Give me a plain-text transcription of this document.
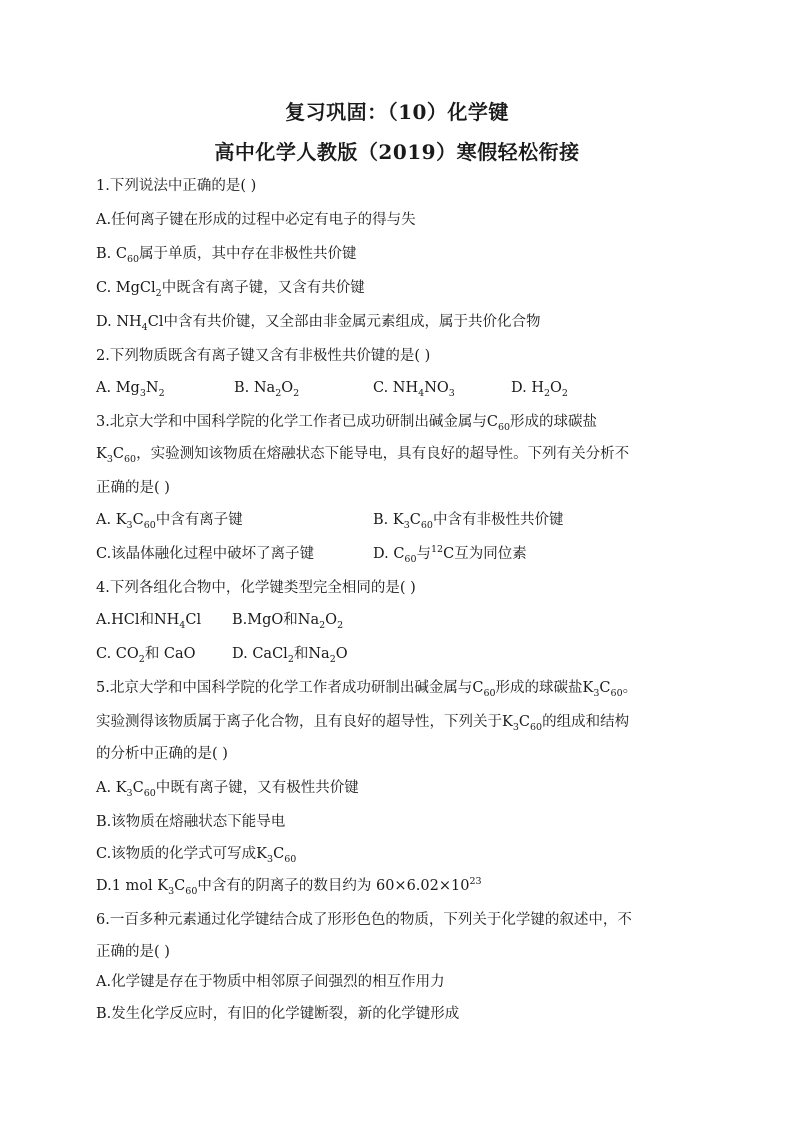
复习巩固：（10）化学键
高中化学人教版（2019）寒假轻松衔接
1.下列说法中正确的是( )
A.任何离子键在形成的过程中必定有电子的得与失
B. $C_{60}$属于单质，其中存在非极性共价键
C. MgCl$_2$中既含有离子键，又含有共价键
D. $NH_4Cl$中含有共价键，又全部由非金属元素组成，属于共价化合物
2.下列物质既含有离子键又含有非极性共价键的是( )
A. $Mg_3N_2$	B. $Na_2O_2$	C. $NH_4NO_3$	D. $H_2O_2$
3.北京大学和中国科学院的化学工作者已成功研制出碱金属与$C_{60}$形成的球碳盐
$K_3C_{60}$，实验测知该物质在熔融状态下能导电，具有良好的超导性。下列有关分析不
正确的是( )
A. $K_3C_{60}$中含有离子键	B. $K_3C_{60}$中含有非极性共价键
C.该晶体融化过程中破坏了离子键	D. $C_{60}$与$^{12}$C互为同位素
4.下列各组化合物中，化学键类型完全相同的是( )
A.HCl和$NH_4Cl$ B.MgO和$Na_2O_2$
C. $CO_2$和 CaO	D. CaCl$_2$和$Na_2O$
5.北京大学和中国科学院的化学工作者成功研制出碱金属与$C_{60}$形成的球碳盐$K_3C_{60}$。
实验测得该物质属于离子化合物，且有良好的超导性，下列关于$K_3C_{60}$的组成和结构
的分析中正确的是( )
A. $K_3C_{60}$中既有离子键，又有极性共价键
B.该物质在熔融状态下能导电
C.该物质的化学式可写成$K_3C_{60}$
D.1 mol $K_3C_{60}$中含有的阴离子的数目约为 $60\times 6.02\times 10^{23}$
6.一百多种元素通过化学键结合成了形形色色的物质，下列关于化学键的叙述中，不
正确的是( )
A.化学键是存在于物质中相邻原子间强烈的相互作用力
B.发生化学反应时，有旧的化学键断裂，新的化学键形成
